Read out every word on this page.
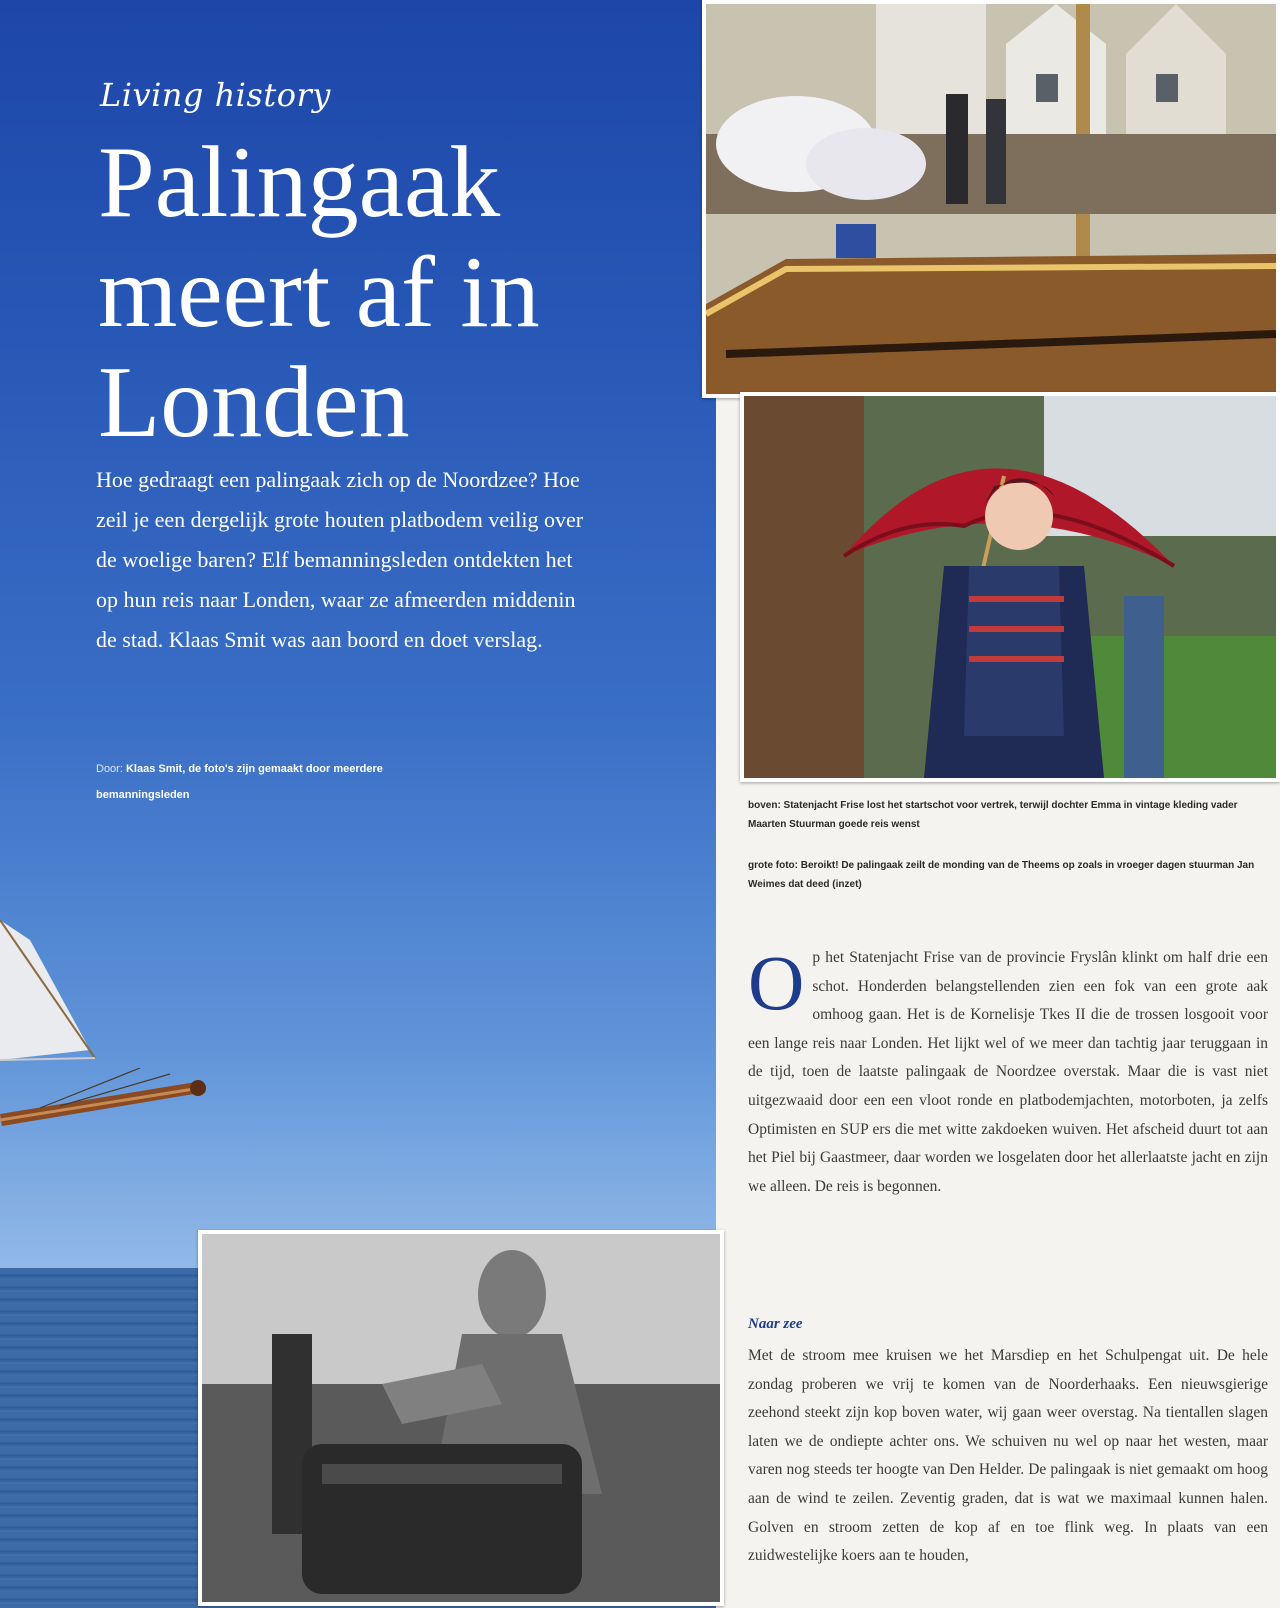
Living history

Palingaak
meert af in
Londen

Hoe gedraagt een palingaak zich op de Noordzee? Hoe zeil je een dergelijk grote houten platbodem veilig over de woelige baren? Elf bemanningsleden ontdekten het op hun reis naar Londen, waar ze afmeerden middenin de stad. Klaas Smit was aan boord en doet verslag.

Door: Klaas Smit, de foto's zijn gemaakt door meerdere bemanningsleden

boven: Statenjacht Frise lost het startschot voor vertrek, terwijl dochter Emma in vintage kleding vader Maarten Stuurman goede reis wenst

grote foto: Beroikt! De palingaak zeilt de monding van de Theems op zoals in vroeger dagen stuurman Jan Weimes dat deed (inzet)

Op het Statenjacht Frise van de provincie Fryslân klinkt om half drie een schot. Honderden belangstellenden zien een fok van een grote aak omhoog gaan. Het is de Kornelisje Tkes II die de trossen losgooit voor een lange reis naar Londen. Het lijkt wel of we meer dan tachtig jaar teruggaan in de tijd, toen de laatste palingaak de Noordzee overstak. Maar die is vast niet uitgezwaaid door een een vloot ronde en platbodemjachten, motorboten, ja zelfs Optimisten en SUP ers die met witte zakdoeken wuiven. Het afscheid duurt tot aan het Piel bij Gaastmeer, daar worden we losgelaten door het allerlaatste jacht en zijn we alleen. De reis is begonnen.

Naar zee

Met de stroom mee kruisen we het Marsdiep en het Schulpengat uit. De hele zondag proberen we vrij te komen van de Noorderhaaks. Een nieuwsgierige zeehond steekt zijn kop boven water, wij gaan weer overstag. Na tientallen slagen laten we de ondiepte achter ons. We schuiven nu wel op naar het westen, maar varen nog steeds ter hoogte van Den Helder. De palingaak is niet gemaakt om hoog aan de wind te zeilen. Zeventig graden, dat is wat we maximaal kunnen halen. Golven en stroom zetten de kop af en toe flink weg. In plaats van een zuidwestelijke koers aan te houden,
